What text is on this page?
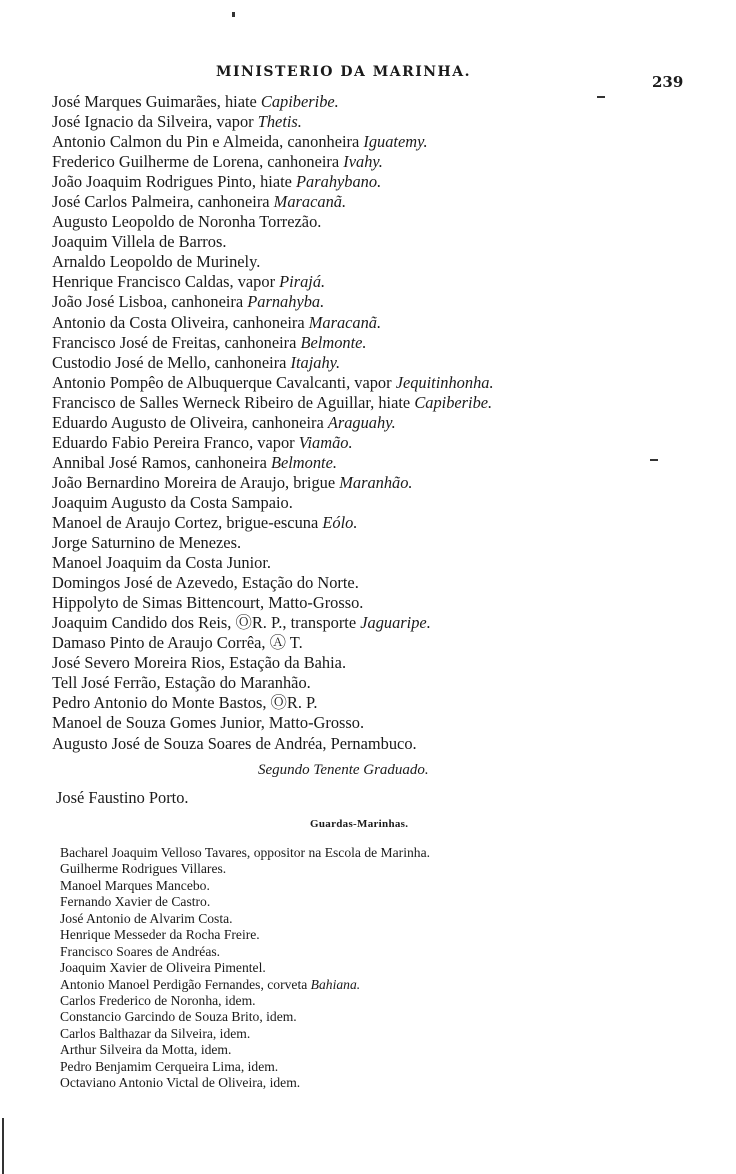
MINISTERIO DA MARINHA.
239
José Marques Guimarães, hiate Capiberibe.
José Ignacio da Silveira, vapor Thetis.
Antonio Calmon du Pin e Almeida, canonheira Iguatemy.
Frederico Guilherme de Lorena, canhoneira Ivahy.
João Joaquim Rodrigues Pinto, hiate Parahybano.
José Carlos Palmeira, canhoneira Maracanã.
Augusto Leopoldo de Noronha Torrezão.
Joaquim Villela de Barros.
Arnaldo Leopoldo de Murinely.
Henrique Francisco Caldas, vapor Pirajá.
João José Lisboa, canhoneira Parnahyba.
Antonio da Costa Oliveira, canhoneira Maracanã.
Francisco José de Freitas, canhoneira Belmonte.
Custodio José de Mello, canhoneira Itajahy.
Antonio Pompêo de Albuquerque Cavalcanti, vapor Jequitinhonha.
Francisco de Salles Werneck Ribeiro de Aguillar, hiate Capiberibe.
Eduardo Augusto de Oliveira, canhoneira Araguahy.
Eduardo Fabio Pereira Franco, vapor Viamão.
Annibal José Ramos, canhoneira Belmonte.
João Bernardino Moreira de Araujo, brigue Maranhão.
Joaquim Augusto da Costa Sampaio.
Manoel de Araujo Cortez, brigue-escuna Eólo.
Jorge Saturnino de Menezes.
Manoel Joaquim da Costa Junior.
Domingos José de Azevedo, Estação do Norte.
Hippolyto de Simas Bittencourt, Matto-Grosso.
Joaquim Candido dos Reis, ⓄR. P., transporte Jaguaripe.
Damaso Pinto de Araujo Corrêa, Ⓐ T.
José Severo Moreira Rios, Estação da Bahia.
Tell José Ferrão, Estação do Maranhão.
Pedro Antonio do Monte Bastos, ⓄR. P.
Manoel de Souza Gomes Junior, Matto-Grosso.
Augusto José de Souza Soares de Andréa, Pernambuco.
Segundo Tenente Graduado.
José Faustino Porto.
Guardas-Marinhas.
Bacharel Joaquim Velloso Tavares, oppositor na Escola de Marinha.
Guilherme Rodrigues Villares.
Manoel Marques Mancebo.
Fernando Xavier de Castro.
José Antonio de Alvarim Costa.
Henrique Messeder da Rocha Freire.
Francisco Soares de Andréas.
Joaquim Xavier de Oliveira Pimentel.
Antonio Manoel Perdigão Fernandes, corveta Bahiana.
Carlos Frederico de Noronha, idem.
Constancio Garcindo de Souza Brito, idem.
Carlos Balthazar da Silveira, idem.
Arthur Silveira da Motta, idem.
Pedro Benjamim Cerqueira Lima, idem.
Octaviano Antonio Victal de Oliveira, idem.
